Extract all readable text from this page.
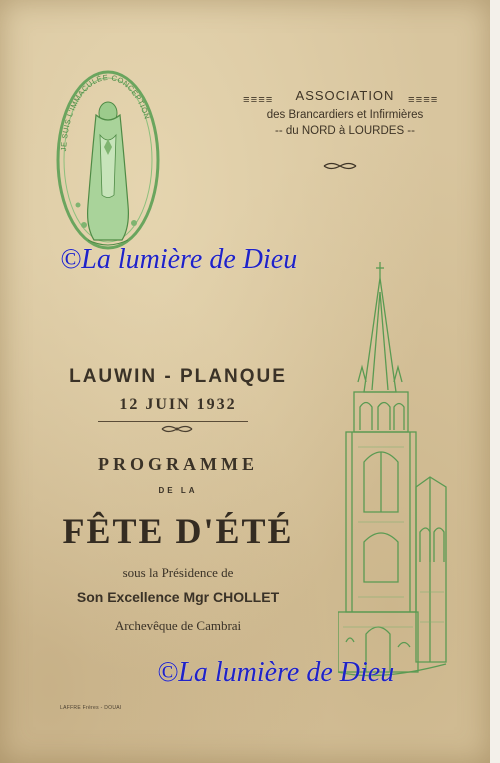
JE SUIS L'IMMACULÉE CONCEPTION
≡≡≡≡	≡≡≡≡
ASSOCIATION
des Brancardiers et Infirmières
-- du NORD à LOURDES --
©La lumière de Dieu
LAUWIN - PLANQUE
12 JUIN 1932
PROGRAMME
DE LA
FÊTE D'ÉTÉ
sous la Présidence de
Son Excellence Mgr CHOLLET
Archevêque de Cambrai
©La lumière de Dieu
LAFFRE Frères - DOUAI
